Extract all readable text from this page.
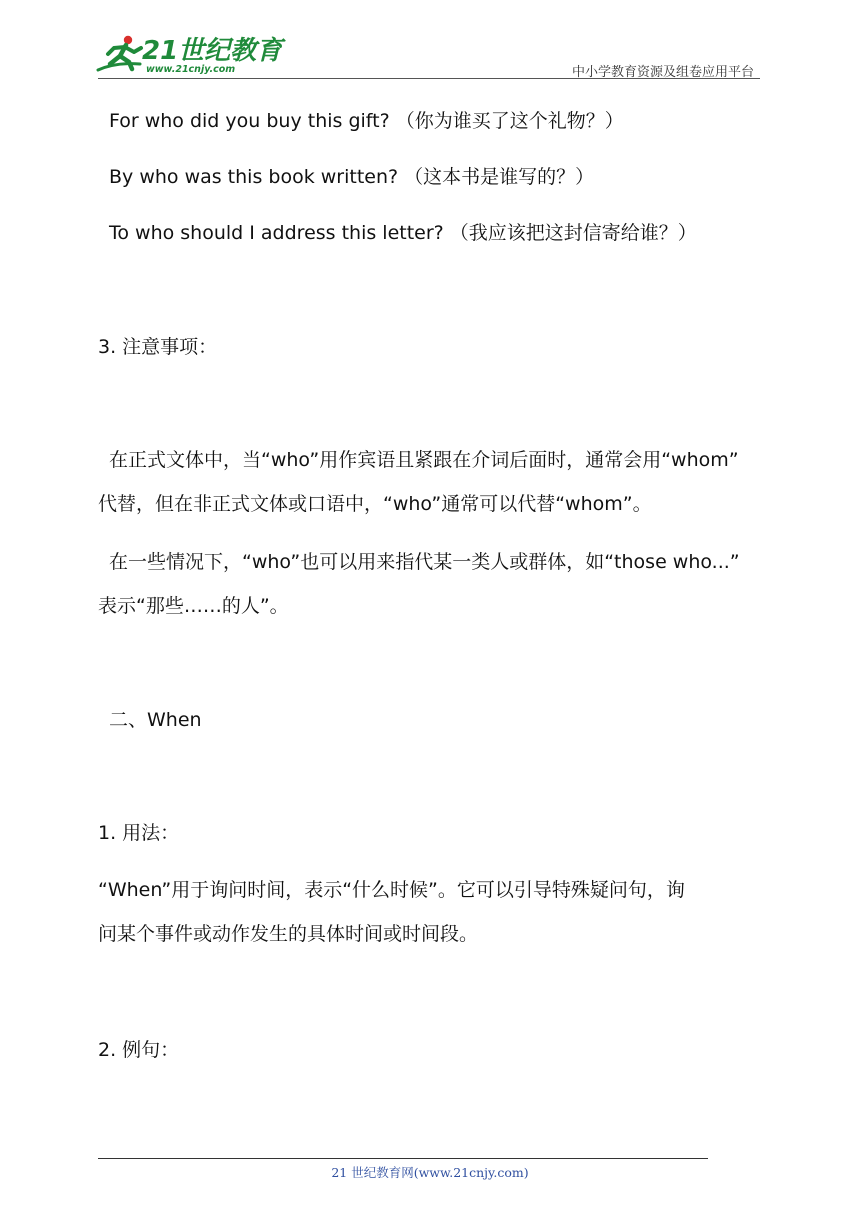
21世纪教育
www.21cnjy.com	中小学教育资源及组卷应用平台
For who did you buy this gift? （你为谁买了这个礼物？）
By who was this book written? （这本书是谁写的？）
To who should I address this letter? （我应该把这封信寄给谁？）
3. 注意事项：
在正式文体中，当“who”用作宾语且紧跟在介词后面时，通常会用“whom”
代替，但在非正式文体或口语中，“who”通常可以代替“whom”。
在一些情况下，“who”也可以用来指代某一类人或群体，如“those who...”
表示“那些……的人”。
二、When
1. 用法：
“When”用于询问时间，表示“什么时候”。它可以引导特殊疑问句，询
问某个事件或动作发生的具体时间或时间段。
2. 例句：
21 世纪教育网(www.21cnjy.com)
